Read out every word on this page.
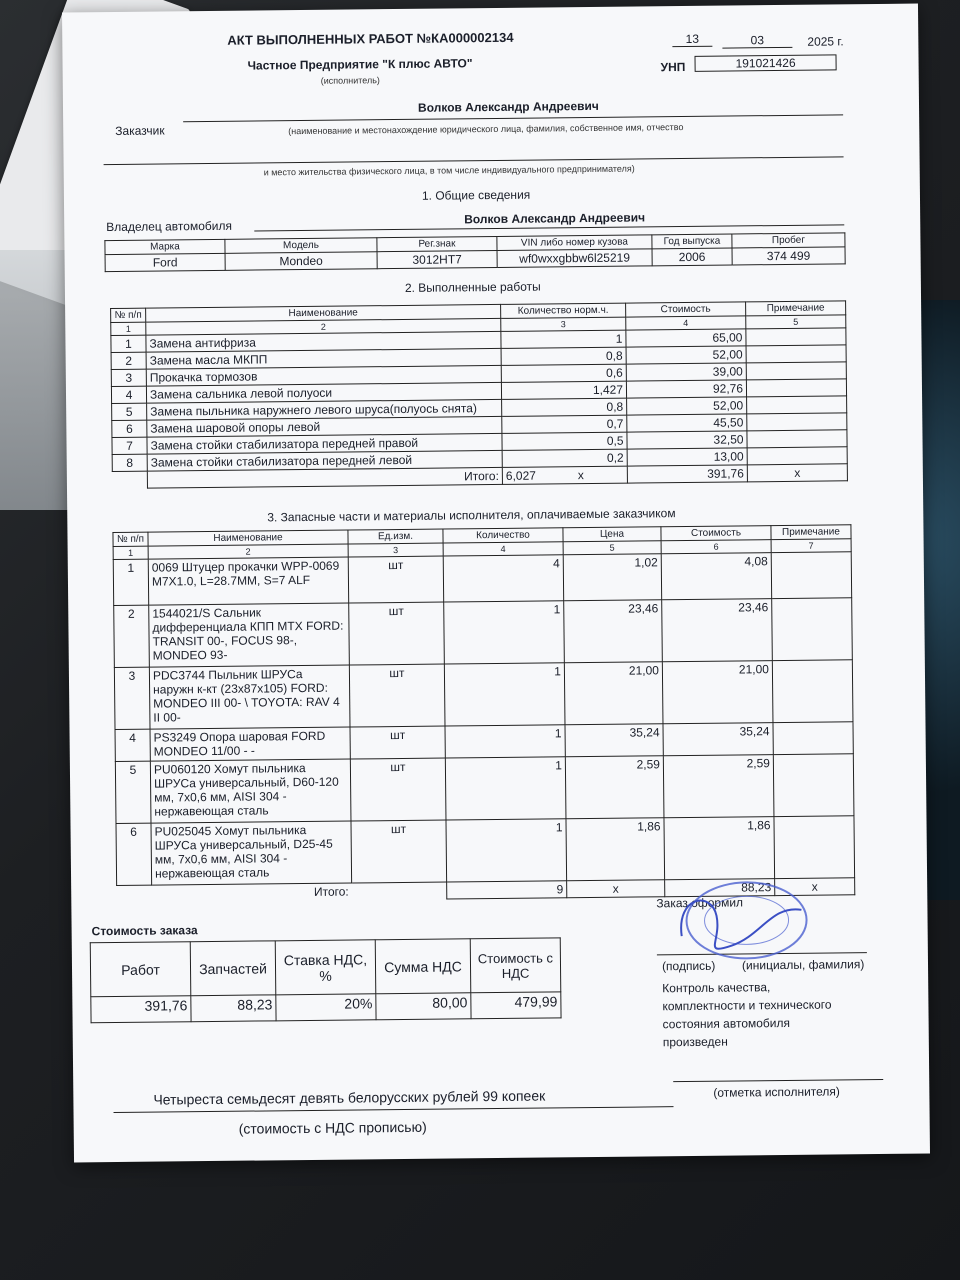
АКТ ВЫПОЛНЕННЫХ РАБОТ №КА000002134
Частное Предприятие "К плюс АВТО"
(исполнитель)
13	03	2025 г.
УНП	191021426
Заказчик
Волков Александр Андреевич
(наименование и местонахождение юридического лица, фамилия, собственное имя, отчество
и место жительства физического лица, в том числе индивидуального предпринимателя)
1. Общие сведения
Владелец автомобиля
Волков Александр Андреевич
Марка	Модель	Рег.знак	VIN либо номер кузова	Год выпуска	Пробег
Ford	Mondeo	3012HT7	wf0wxxgbbw6l25219	2006	374 499
2. Выполненные работы
№ п/п	Наименование	Количество норм.ч.	Стоимость	Примечание
1	2	3	4	5
1	Замена антифриза	1	65,00	
2	Замена масла МКПП	0,8	52,00	
3	Прокачка тормозов	0,6	39,00	
4	Замена сальника левой полуоси	1,427	92,76	
5	Замена пыльника наружнего левого шруса(полуось снята)	0,8	52,00	
6	Замена шаровой опоры левой	0,7	45,50	
7	Замена стойки стабилизатора передней правой	0,5	32,50	
8	Замена стойки стабилизатора передней левой	0,2	13,00	
	Итого:	6,027 x	391,76	x
3. Запасные части и материалы исполнителя, оплачиваемые заказчиком
№ п/п	Наименование	Ед.изм.	Количество	Цена	Стоимость	Примечание
1	2	3	4	5	6	7
1	0069 Штуцер прокачки WPP-0069 M7X1.0, L=28.7MM, S=7 ALF	шт	4	1,02	4,08	
2	1544021/S Сальник дифференциала КПП MTX FORD: TRANSIT 00-, FOCUS 98-, MONDEO 93-	шт	1	23,46	23,46	
3	PDC3744 Пыльник ШРУСа наружн к-кт (23x87x105) FORD: MONDEO III 00- \ TOYOTA: RAV 4 II 00-	шт	1	21,00	21,00	
4	PS3249 Опора шаровая FORD MONDEO 11/00 - -	шт	1	35,24	35,24	
5	PU060120 Хомут пыльника ШРУСа универсальный, D60-120 мм, 7x0,6 мм, AISI 304 - нержавеющая сталь	шт	1	2,59	2,59	
6	PU025045 Хомут пыльника ШРУСа универсальный, D25-45 мм, 7x0,6 мм, AISI 304 - нержавеющая сталь	шт	1	1,86	1,86	
	Итого:		9	x	88,23	x
Стоимость заказа
Работ	Запчастей	Ставка НДС, %	Сумма НДС	Стоимость с НДС
391,76	88,23	20%	80,00	479,99
Четыреста семьдесят девять белорусских рублей 99 копеек
(стоимость с НДС прописью)
Заказ оформил
(подпись) (инициалы, фамилия)
Контроль качества,
комплектности и технического
состояния автомобиля
произведен
(отметка исполнителя)
